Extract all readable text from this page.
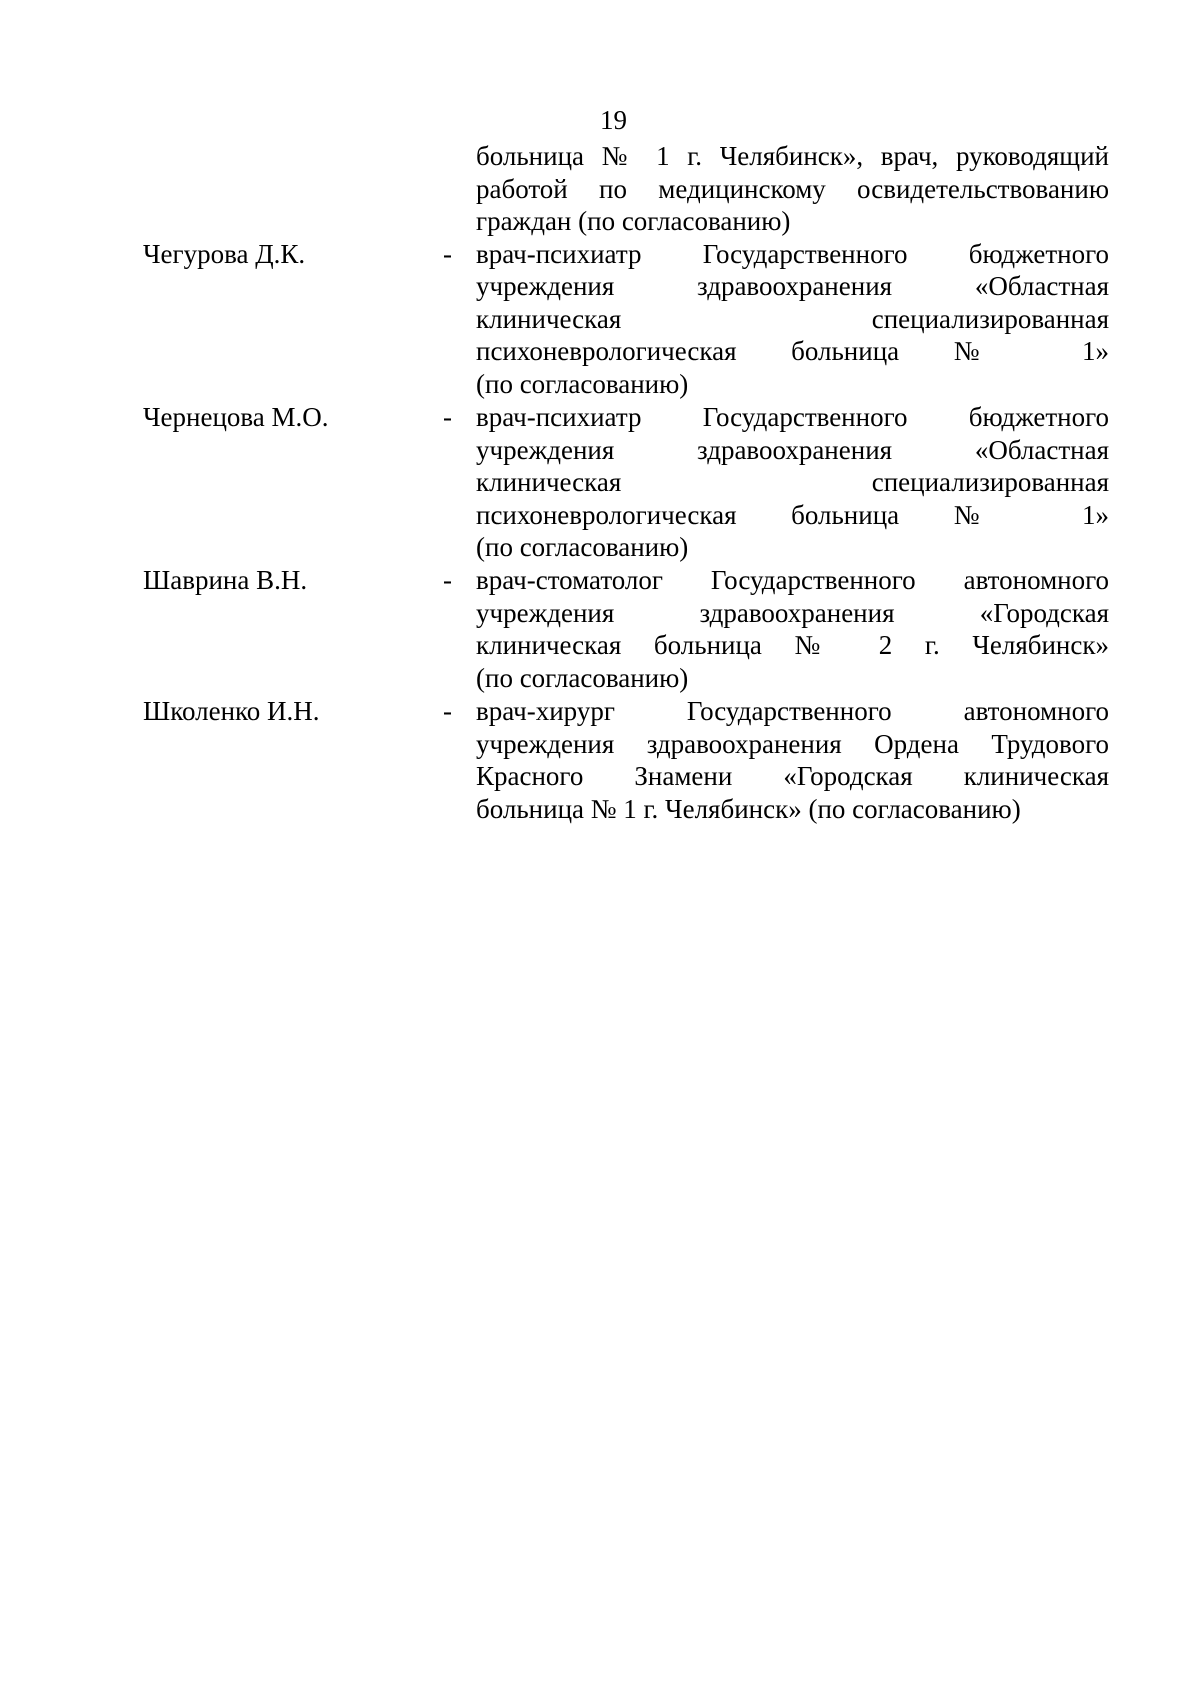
19
больница № 1 г. Челябинск», врач, руководящий
работой по медицинскому освидетельствованию
граждан (по согласованию)
Чегурова Д.К.	- врач-психиатр Государственного бюджетного
учреждения здравоохранения «Областная
клиническая специализированная
психоневрологическая больница № 1»
(по согласованию)
Чернецова М.О.	- врач-психиатр Государственного бюджетного
учреждения здравоохранения «Областная
клиническая специализированная
психоневрологическая больница № 1»
(по согласованию)
Шаврина В.Н.	- врач-стоматолог Государственного автономного
учреждения здравоохранения «Городская
клиническая больница № 2 г. Челябинск»
(по согласованию)
Школенко И.Н.	- врач-хирург Государственного автономного
учреждения здравоохранения Ордена Трудового
Красного Знамени «Городская клиническая
больница № 1 г. Челябинск» (по согласованию)
